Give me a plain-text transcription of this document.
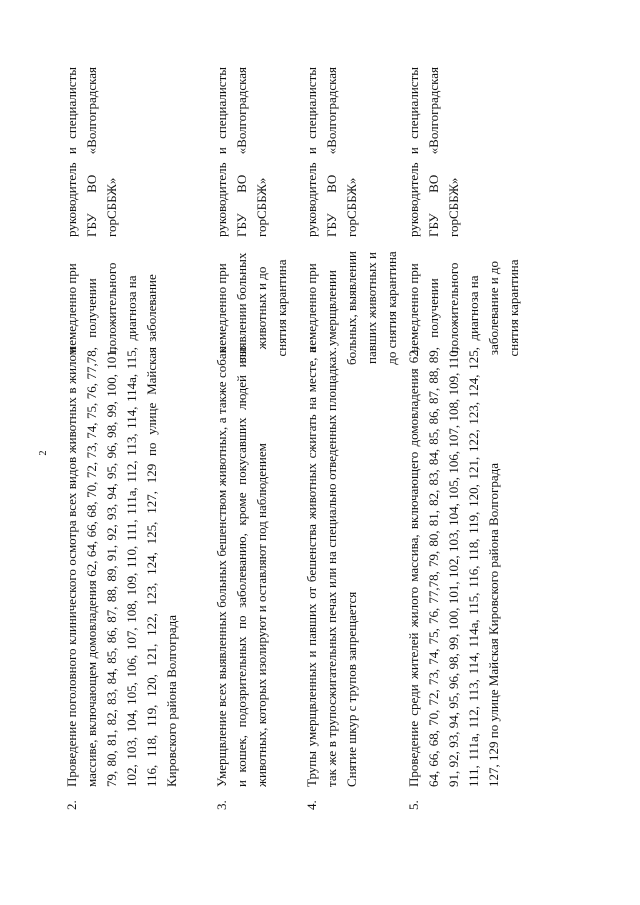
2
2.
Проведение поголовного клинического осмотра всех видов животных в жилом массиве, включающем домовладения 62, 64, 66, 68, 70, 72, 73, 74, 75, 76, 77,78, 79, 80, 81, 82, 83, 84, 85, 86, 87, 88, 89, 91, 92, 93, 94, 95, 96, 98, 99, 100, 101, 102, 103, 104, 105, 106, 107, 108, 109, 110, 111, 111а, 112, 113, 114, 114а, 115, 116, 118, 119, 120, 121, 122, 123, 124, 125, 127, 129 по улице Майская Кировского района Волгограда
немедленно при получении положительного диагноза на заболевание
руководитель и специалисты ГБУ ВО «Волгоградская горСББЖ»
3.
Умерщвление всех выявленных больных бешенством животных, а также собак и кошек, подозрительных по заболеванию, кроме покусавших людей или животных, которых изолируют и оставляют под наблюдением
немедленно при выявлении больных животных и до снятия карантина
руководитель и специалисты ГБУ ВО «Волгоградская горСББЖ»
4.
Трупы умерщвленных и павших от бешенства животных сжигать на месте, а так же в трупосжигательных печах или на специально отведенных площадках. Снятие шкур с трупов запрещается
немедленно при умерщвлении больных, выявлении павших животных и до снятия карантина
руководитель и специалисты ГБУ ВО «Волгоградская горСББЖ»
5.
Проведение среди жителей жилого массива, включающего домовладения 62, 64, 66, 68, 70, 72, 73, 74, 75, 76, 77,78, 79, 80, 81, 82, 83, 84, 85, 86, 87, 88, 89, 91, 92, 93, 94, 95, 96, 98, 99, 100, 101, 102, 103, 104, 105, 106, 107, 108, 109, 110, 111, 111а, 112, 113, 114, 114а, 115, 116, 118, 119, 120, 121, 122, 123, 124, 125, 127, 129 по улице Майская Кировского района Волгограда
немедленно при получении положительного диагноза на заболевание и до снятия карантина
руководитель и специалисты ГБУ ВО «Волгоградская горСББЖ»
